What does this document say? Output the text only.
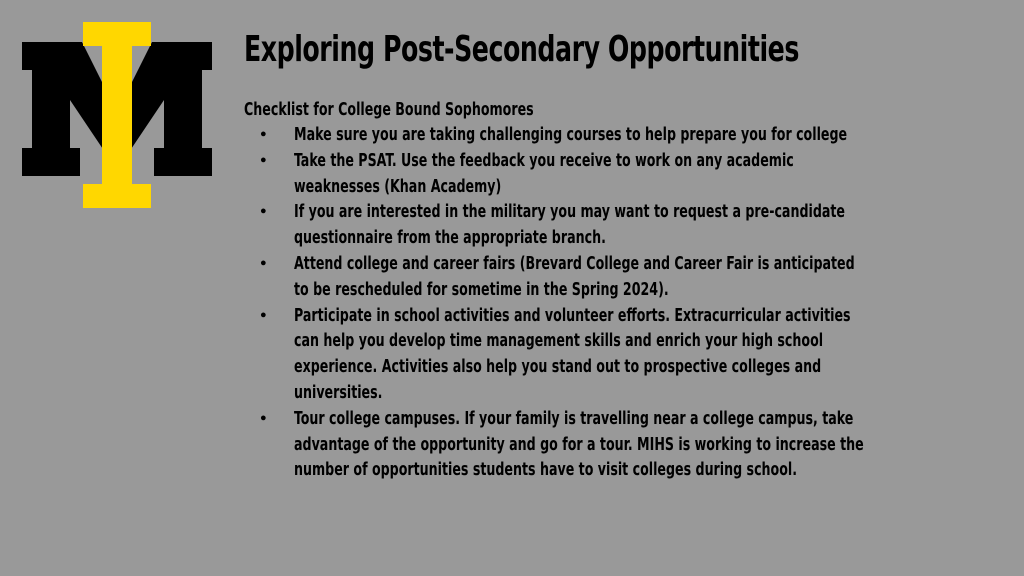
Exploring Post-Secondary Opportunities
Checklist for College Bound Sophomores
● Make sure you are taking challenging courses to help prepare you for college
● Take the PSAT. Use the feedback you receive to work on any academic weaknesses (Khan Academy)
● If you are interested in the military you may want to request a pre-candidate questionnaire from the appropriate branch.
● Attend college and career fairs (Brevard College and Career Fair is anticipated to be rescheduled for sometime in the Spring 2024).
● Participate in school activities and volunteer efforts. Extracurricular activities can help you develop time management skills and enrich your high school experience. Activities also help you stand out to prospective colleges and universities.
● Tour college campuses. If your family is travelling near a college campus, take advantage of the opportunity and go for a tour. MIHS is working to increase the number of opportunities students have to visit colleges during school.
